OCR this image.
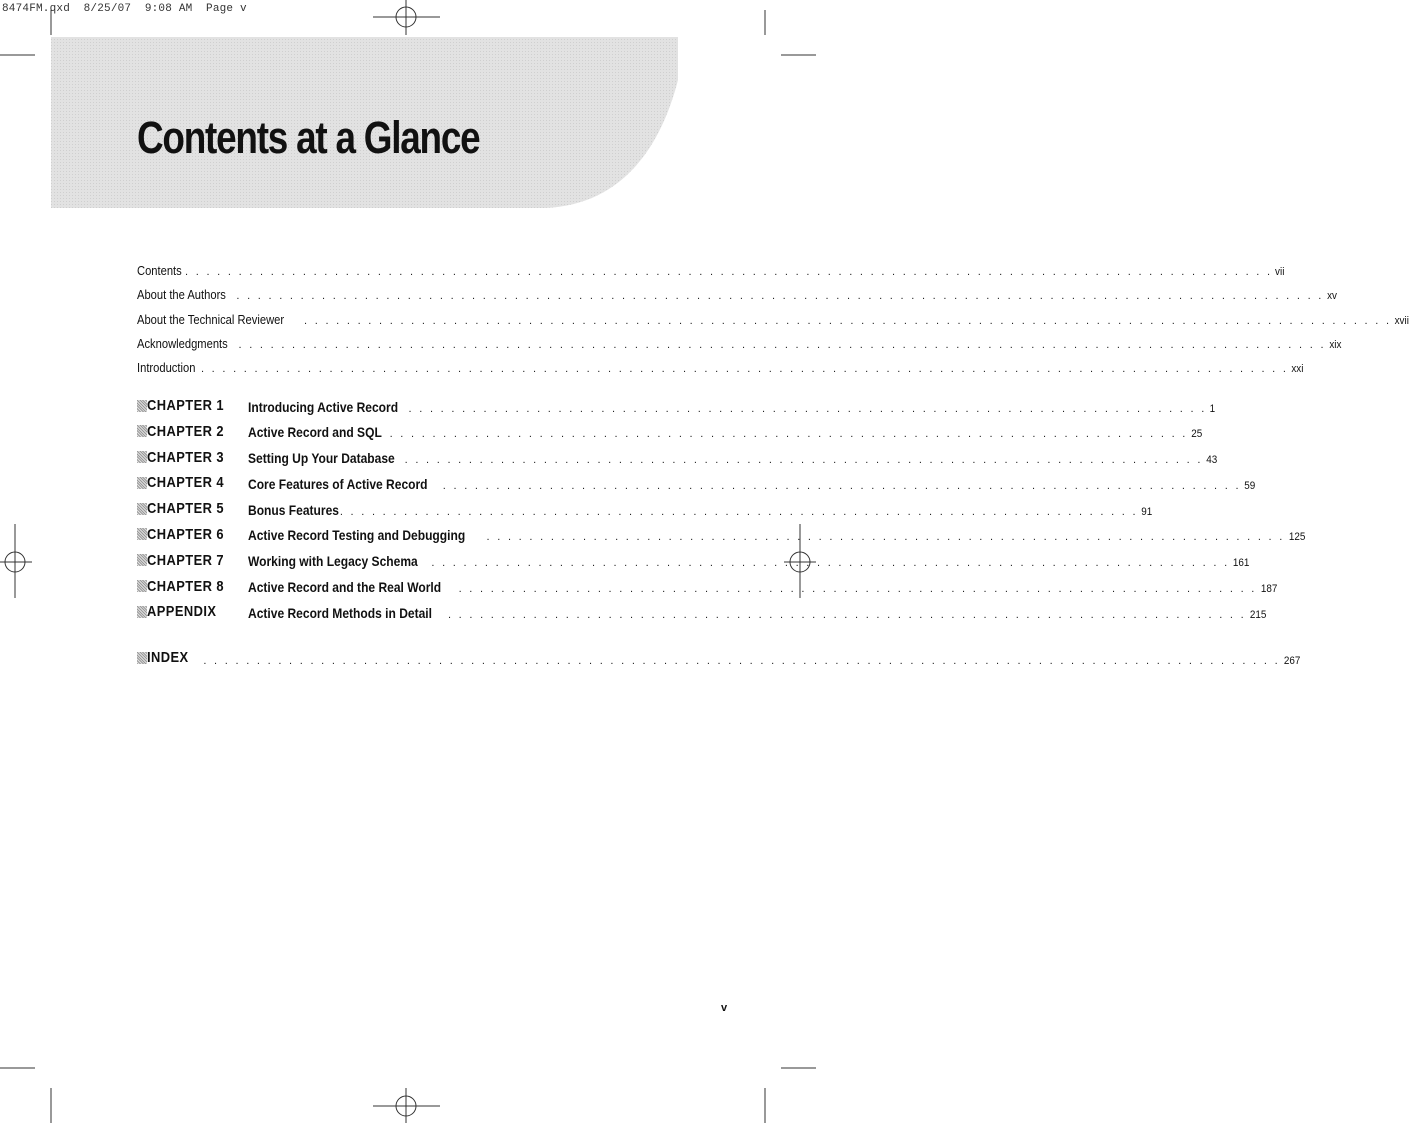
8474FM.qxd  8/25/07  9:08 AM  Page v
Contents at a Glance
Contents . . . . . . . . . . . . . . . . . . . . . . . . . . . . . . . . . . . . . . . . . . . . . . . . . . . . . . . . . . . . . . . . . . . . . . . . . . . . . . . . . . . . . . . . . . . . . . . . . . . . . . vii
About the Authors . . . . . . . . . . . . . . . . . . . . . . . . . . . . . . . . . . . . . . . . . . . . . . . . . . . . . . . . . . . . . . . . . . . . . . . . . . . . . . . . . . . . . . . . . . . . . . . . . . . . . . xv
About the Technical Reviewer . . . . . . . . . . . . . . . . . . . . . . . . . . . . . . . . . . . . . . . . . . . . . . . . . . . . . . . . . . . . . . . . . . . . . . . . . . . . . . . . . . . . . . . . . . . . . . . . . . . . . . xvii
Acknowledgments . . . . . . . . . . . . . . . . . . . . . . . . . . . . . . . . . . . . . . . . . . . . . . . . . . . . . . . . . . . . . . . . . . . . . . . . . . . . . . . . . . . . . . . . . . . . . . . . . . . . . . xix
Introduction . . . . . . . . . . . . . . . . . . . . . . . . . . . . . . . . . . . . . . . . . . . . . . . . . . . . . . . . . . . . . . . . . . . . . . . . . . . . . . . . . . . . . . . . . . . . . . . . . . . . . . xxi
CHAPTER 1 Introducing Active Record . . . . . . . . . . . . . . . . . . . . . . . . . . . . . . . . . . . . . . . . . . . . . . . . . . . . . . . . . . . . . . . . . . . . . . . . . . . 1
CHAPTER 2 Active Record and SQL . . . . . . . . . . . . . . . . . . . . . . . . . . . . . . . . . . . . . . . . . . . . . . . . . . . . . . . . . . . . . . . . . . . . . . . . . . . 25
CHAPTER 3 Setting Up Your Database . . . . . . . . . . . . . . . . . . . . . . . . . . . . . . . . . . . . . . . . . . . . . . . . . . . . . . . . . . . . . . . . . . . . . . . . . . . 43
CHAPTER 4 Core Features of Active Record . . . . . . . . . . . . . . . . . . . . . . . . . . . . . . . . . . . . . . . . . . . . . . . . . . . . . . . . . . . . . . . . . . . . . . . . . . . 59
CHAPTER 5 Bonus Features . . . . . . . . . . . . . . . . . . . . . . . . . . . . . . . . . . . . . . . . . . . . . . . . . . . . . . . . . . . . . . . . . . . . . . . . . . . 91
CHAPTER 6 Active Record Testing and Debugging . . . . . . . . . . . . . . . . . . . . . . . . . . . . . . . . . . . . . . . . . . . . . . . . . . . . . . . . . . . . . . . . . . . . . . . . . . . 125
CHAPTER 7 Working with Legacy Schema . . . . . . . . . . . . . . . . . . . . . . . . . . . . . . . . . . . . . . . . . . . . . . . . . . . . . . . . . . . . . . . . . . . . . . . . . . . 161
CHAPTER 8 Active Record and the Real World . . . . . . . . . . . . . . . . . . . . . . . . . . . . . . . . . . . . . . . . . . . . . . . . . . . . . . . . . . . . . . . . . . . . . . . . . . . 187
APPENDIX Active Record Methods in Detail . . . . . . . . . . . . . . . . . . . . . . . . . . . . . . . . . . . . . . . . . . . . . . . . . . . . . . . . . . . . . . . . . . . . . . . . . . . 215
INDEX . . . . . . . . . . . . . . . . . . . . . . . . . . . . . . . . . . . . . . . . . . . . . . . . . . . . . . . . . . . . . . . . . . . . . . . . . . . . . . . . . . . . . . . . . . . . . . . . . . . . . 267
v
